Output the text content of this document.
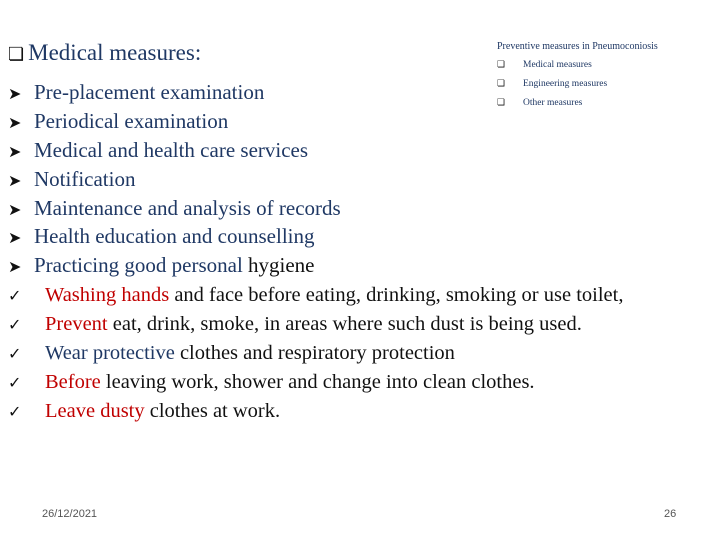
❏ Medical measures:	Preventive measures in Pneumoconiosis
❏ Medical measures
❏ Engineering measures
❏ Other measures
➤ Pre-placement examination
➤ Periodical examination
➤ Medical and health care services
➤ Notification
➤ Maintenance and analysis of records
➤ Health education and counselling
➤ Practicing good personal hygiene
✓ Washing hands and face before eating, drinking, smoking or use toilet,
✓ Prevent eat, drink, smoke, in areas where such dust is being used.
✓ Wear protective clothes and respiratory protection
✓ Before leaving work, shower and change into clean clothes.
✓ Leave dusty clothes at work.
26/12/2021	26
